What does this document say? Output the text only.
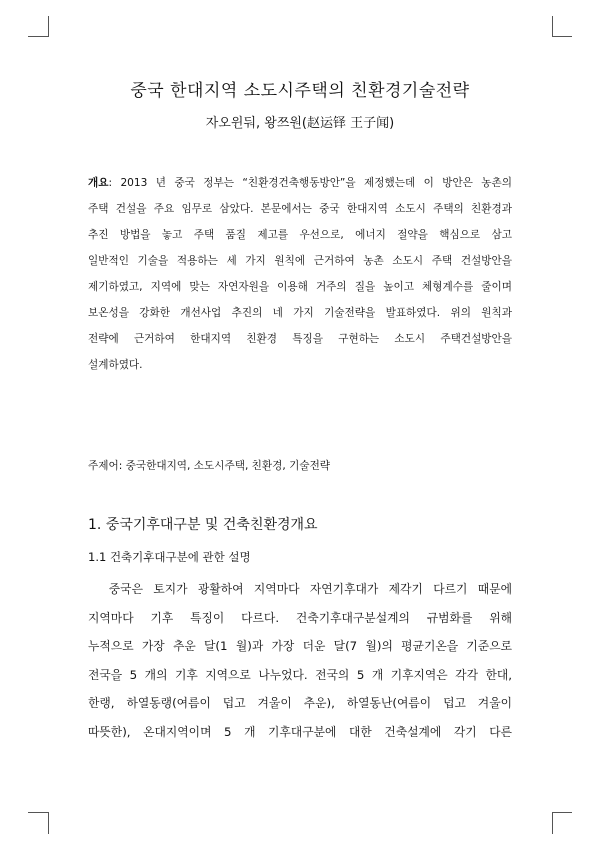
중국 한대지역 소도시주택의 친환경기술전략
자오윈둬, 왕쯔원(赵运铎 王子闻)
개요: 2013 년 중국 정부는 “친환경건축행동방안”을 제정했는데 이 방안은 농촌의
주택 건설을 주요 임무로 삼았다. 본문에서는 중국 한대지역 소도시 주택의 친환경과
추진 방법을 놓고 주택 품질 제고를 우선으로, 에너지 절약을 핵심으로 삼고
일반적인 기술을 적용하는 세 가지 원칙에 근거하여 농촌 소도시 주택 건설방안을
제기하였고, 지역에 맞는 자연자원을 이용해 거주의 질을 높이고 체형계수를 줄이며
보온성을 강화한 개선사업 추진의 네 가지 기술전략을 발표하였다. 위의 원칙과
전략에 근거하여 한대지역 친환경 특징을 구현하는 소도시 주택건설방안을
설계하였다.
주제어: 중국한대지역, 소도시주택, 친환경, 기술전략
1. 중국기후대구분 및 건축친환경개요
1.1 건축기후대구분에 관한 설명
중국은 토지가 광활하여 지역마다 자연기후대가 제각기 다르기 때문에
지역마다 기후 특징이 다르다. 건축기후대구분설계의 규범화를 위해
누적으로 가장 추운 달(1 월)과 가장 더운 달(7 월)의 평균기온을 기준으로
전국을 5 개의 기후 지역으로 나누었다. 전국의 5 개 기후지역은 각각 한대,
한랭, 하열동랭(여름이 덥고 겨울이 추운), 하열동난(여름이 덥고 겨울이
따뜻한), 온대지역이며 5 개 기후대구분에 대한 건축설계에 각기 다른
